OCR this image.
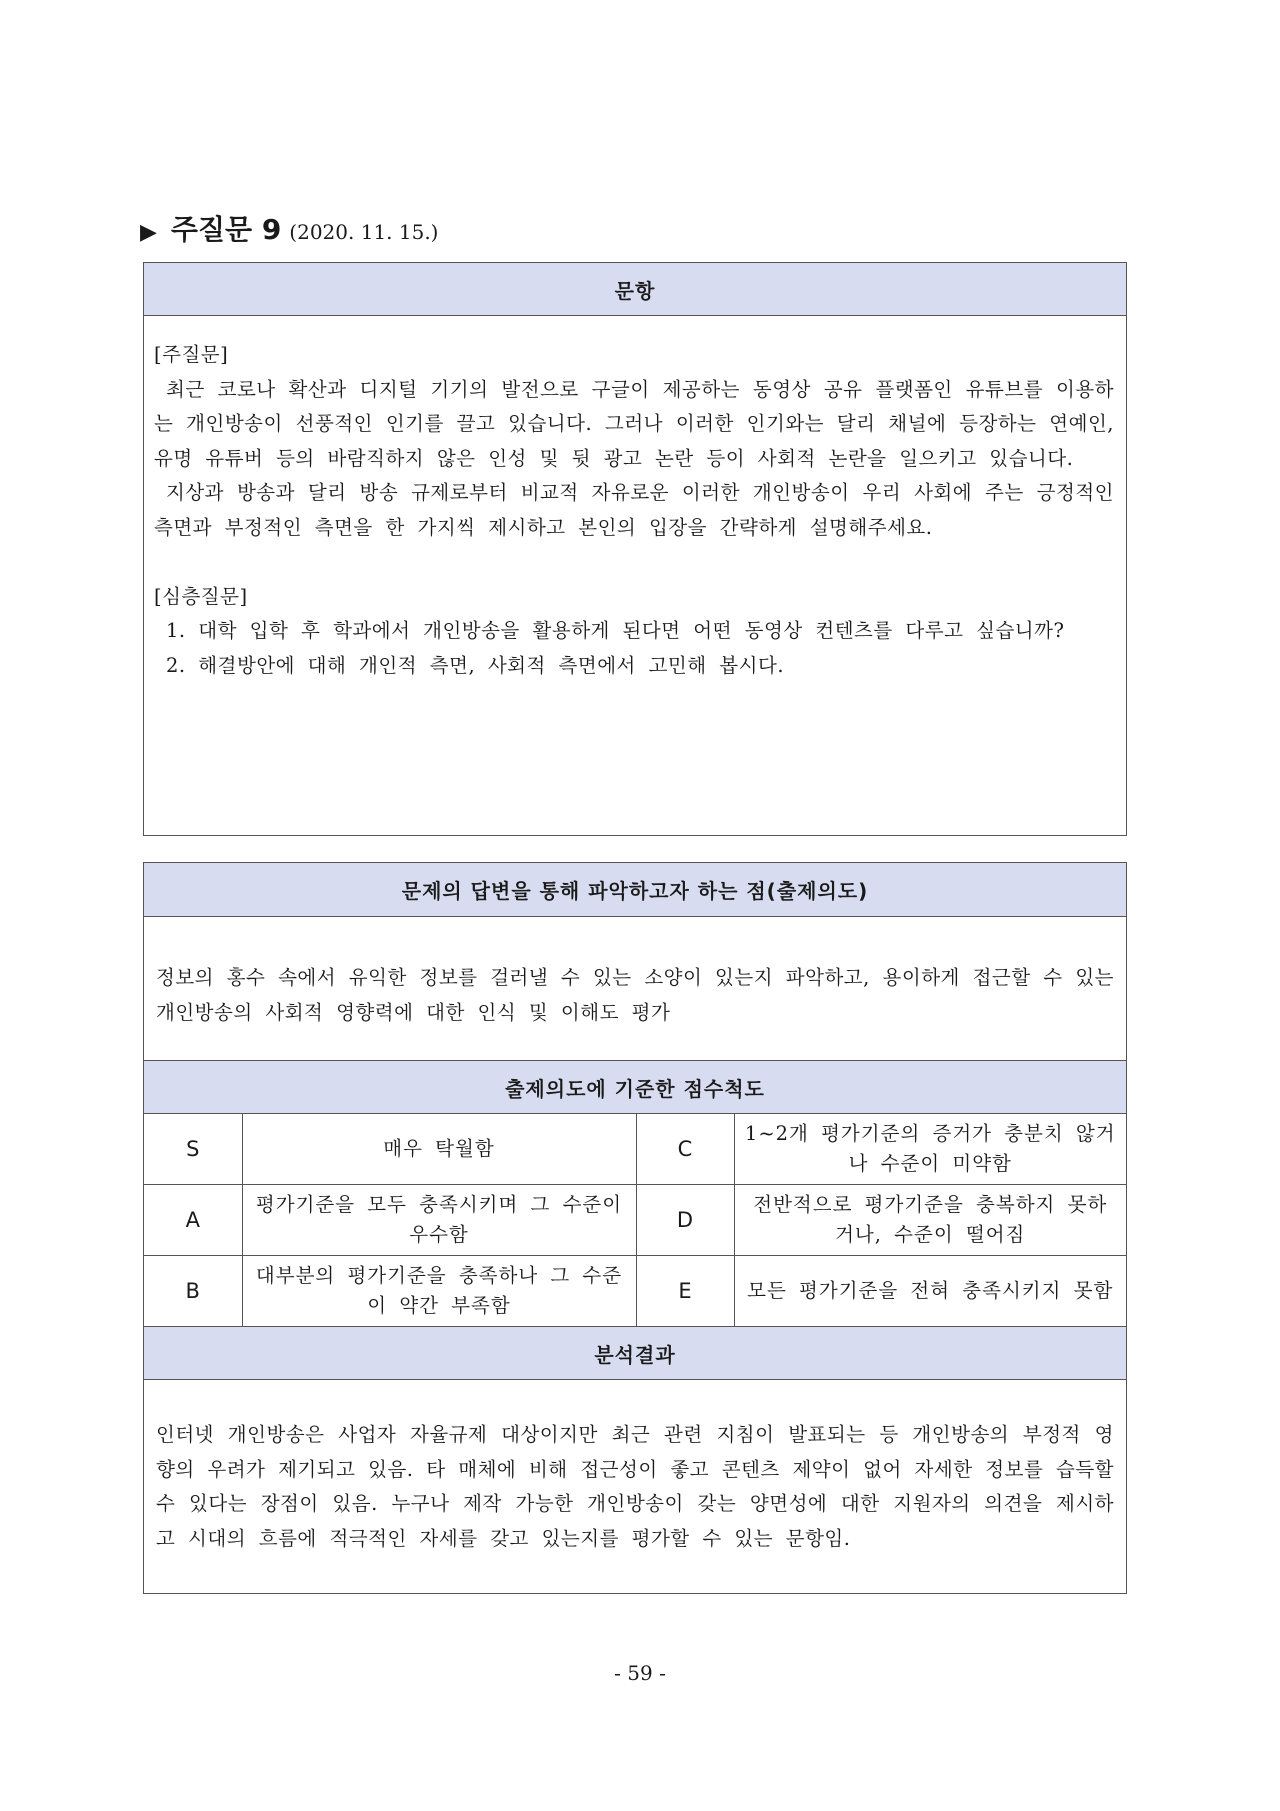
▶ 주질문 9 (2020. 11. 15.)
문항

[주질문]

최근 코로나 확산과 디지털 기기의 발전으로 구글이 제공하는 동영상 공유 플랫폼인 유튜브를 이용하는 개인방송이 선풍적인 인기를 끌고 있습니다. 그러나 이러한 인기와는 달리 채널에 등장하는 연예인, 유명 유튜버 등의 바람직하지 않은 인성 및 뒷 광고 논란 등이 사회적 논란을 일으키고 있습니다.

지상과 방송과 달리 방송 규제로부터 비교적 자유로운 이러한 개인방송이 우리 사회에 주는 긍정적인 측면과 부정적인 측면을 한 가지씩 제시하고 본인의 입장을 간략하게 설명해주세요.

[심층질문]

1. 대학 입학 후 학과에서 개인방송을 활용하게 된다면 어떤 동영상 컨텐츠를 다루고 싶습니까?

2. 해결방안에 대해 개인적 측면, 사회적 측면에서 고민해 봅시다.

문제의 답변을 통해 파악하고자 하는 점(출제의도)
정보의 홍수 속에서 유익한 정보를 걸러낼 수 있는 소양이 있는지 파악하고, 용이하게 접근할 수 있는 개인방송의 사회적 영향력에 대한 인식 및 이해도 평가
출제의도에 기준한 점수척도
S	매우 탁월함	C	1~2개 평가기준의 증거가 충분치 않거나 수준이 미약함
A	평가기준을 모두 충족시키며 그 수준이 우수함	D	전반적으로 평가기준을 충복하지 못하거나, 수준이 떨어짐
B	대부분의 평가기준을 충족하나 그 수준이 약간 부족함	E	모든 평가기준을 전혀 충족시키지 못함
분석결과
인터넷 개인방송은 사업자 자율규제 대상이지만 최근 관련 지침이 발표되는 등 개인방송의 부정적 영향의 우려가 제기되고 있음. 타 매체에 비해 접근성이 좋고 콘텐츠 제약이 없어 자세한 정보를 습득할 수 있다는 장점이 있음. 누구나 제작 가능한 개인방송이 갖는 양면성에 대한 지원자의 의견을 제시하고 시대의 흐름에 적극적인 자세를 갖고 있는지를 평가할 수 있는 문항임.
- 59 -
